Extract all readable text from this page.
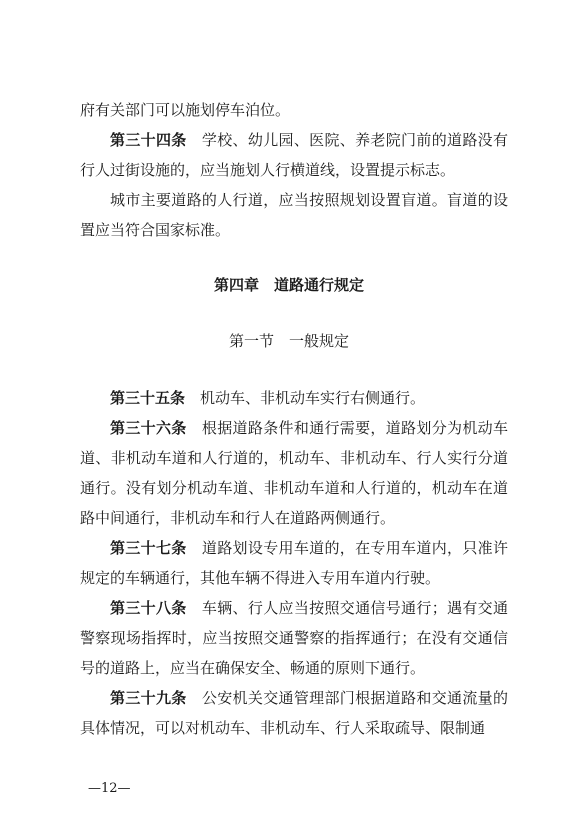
府有关部门可以施划停车泊位。

第三十四条　 学校、幼儿园、医院、养老院门前的道路没有行人过街设施的，应当施划人行横道线，设置提示标志。

城市主要道路的人行道，应当按照规划设置盲道。盲道的设置应当符合国家标准。

第四章　道路通行规定
第一节　一般规定

第三十五条　 机动车、非机动车实行右侧通行。

第三十六条　 根据道路条件和通行需要，道路划分为机动车道、非机动车道和人行道的，机动车、非机动车、行人实行分道通行。没有划分机动车道、非机动车道和人行道的，机动车在道路中间通行，非机动车和行人在道路两侧通行。

第三十七条　 道路划设专用车道的，在专用车道内，只准许规定的车辆通行，其他车辆不得进入专用车道内行驶。

第三十八条　 车辆、行人应当按照交通信号通行；遇有交通警察现场指挥时，应当按照交通警察的指挥通行；在没有交通信号的道路上，应当在确保安全、畅通的原则下通行。

第三十九条　 公安机关交通管理部门根据道路和交通流量的具体情况，可以对机动车、非机动车、行人采取疏导、限制通

—12—
